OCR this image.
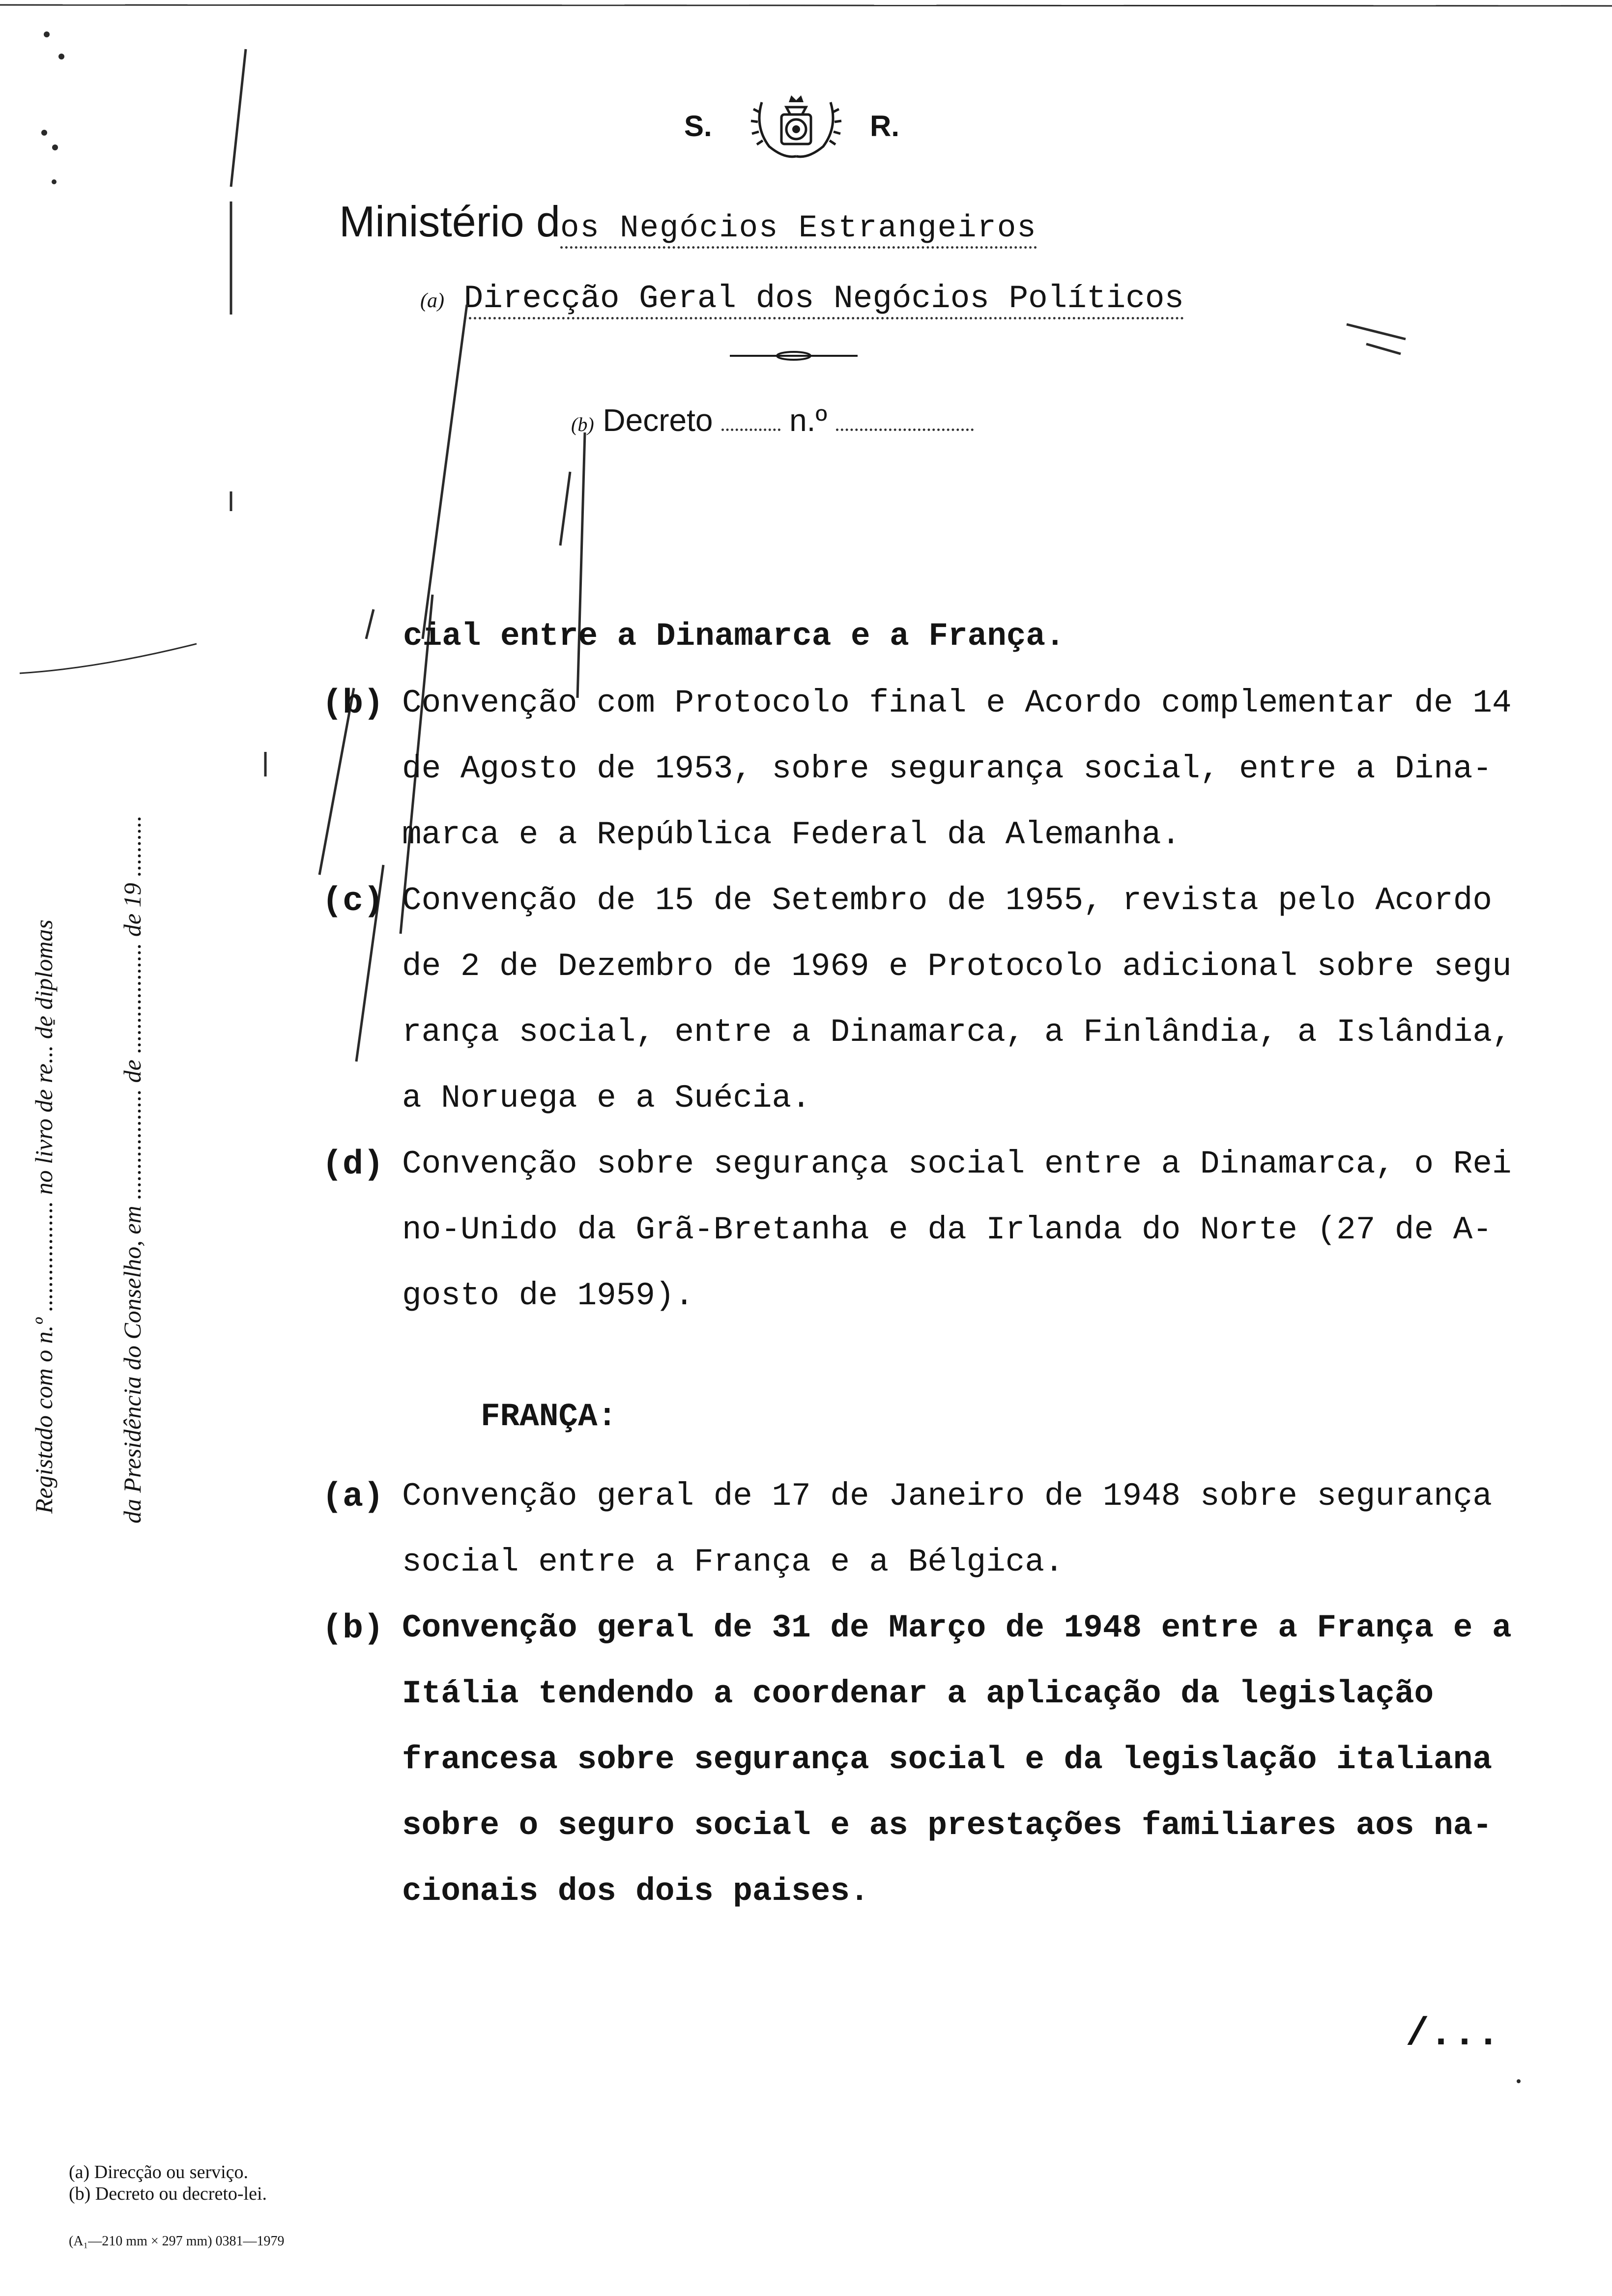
S.	R.
Ministério dos Negócios Estrangeiros
(a) Direcção Geral dos Negócios Políticos
(b) Decreto n.º
Registado com o n.º .................. no livro de re... de diplomas da Presidência do Conselho, em .................. de .................. de 19 ..........
cial entre a Dinamarca e a França.
(b) Convenção com Protocolo final e Acordo complementar de 14
de Agosto de 1953, sobre segurança social, entre a Dina-
marca e a República Federal da Alemanha.
(c) Convenção de 15 de Setembro de 1955, revista pelo Acordo
de 2 de Dezembro de 1969 e Protocolo adicional sobre segu
rança social, entre a Dinamarca, a Finlândia, a Islândia,
a Noruega e a Suécia.
(d) Convenção sobre segurança social entre a Dinamarca, o Rei
no-Unido da Grã-Bretanha e da Irlanda do Norte (27 de A-
gosto de 1959).
FRANÇA:
(a) Convenção geral de 17 de Janeiro de 1948 sobre segurança
social entre a França e a Bélgica.
(b) Convenção geral de 31 de Março de 1948 entre a França e a
Itália tendendo a coordenar a aplicação da legislação
francesa sobre segurança social e da legislação italiana
sobre o seguro social e as prestações familiares aos na-
cionais dos dois paises.
/...
(a) Direcção ou serviço.
(b) Decreto ou decreto-lei.
(A₁—210 mm × 297 mm) 0381—1979
